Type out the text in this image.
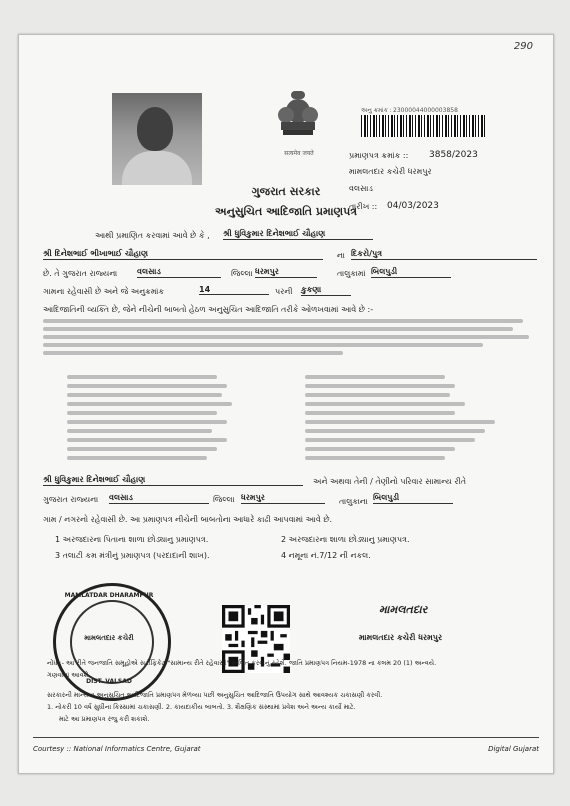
290
सत्यमेव जयते
અનુ ક્રમાંક : 23000044000003858
પ્રમાણપત્ર ક્રમાંક :: 3858/2023
મામલતદાર કચેરી ધરમપુર
વલસાડ
તારીખ :: 04/03/2023
ગુજરાત સરકાર
અનુસુચિત આદિજાતિ પ્રમાણપત્ર
આથી પ્રમાણિત કરવામાં આવે છે કે , શ્રી ધુવિકુમાર દિનેશભાઈ ચૌહાણ
શ્રી દિનેશભાઈ ભીખાભાઈ ચૌહાણ	ના દિકરો/પુત્ર
છે. તે ગુજરાત રાજ્યના વલસાડ	જિલ્લા ધરમપુર	તાલુકામાં બિલપુડી
ગામના રહેવાસી છે અને જે અનુક્રમાંક	14	પરની કુકણા
આદિજાતિની વ્યક્તિ છે, જેને નીચેની બાબતો હેઠળ અનુસુચિત આદિજાતિ તરીકે ઓળખવામાં આવે છે :-
શ્રી ધુવિકુમાર દિનેશભાઈ ચૌહાણ	અને અથવા તેની / તેણીનો પરિવાર સામાન્ય રીતે
ગુજરાત રાજ્યના વલસાડ	જિલ્લા ધરમપુર	તાલુકાના બિલપુડી
ગામ / નગરનો રહેવાસી છે. આ પ્રમાણપત્ર નીચેની બાબતોના આધારે કાઢી આપવામાં આવે છે.
1 અરજદારના પિતાના શાળા છોડ્યાનુ પ્રમાણપત્ર.	2 અરજદારના શાળા છોડ્યાનુ પ્રમાણપત્ર.
3 તલાટી કમ મંત્રીનું પ્રમાણપત્ર (પરદાદાની શાખ).	4 નમૂના નં.7/12 ની નકલ.
MAMLATDAR DHARAMPUR
મામલતદાર કચેરી
DIST. VALSAD
મામલતદાર
મામલતદાર કચેરી ધરમપુર
નોંધ :- આ રીતે જનજાતિ સમૂહોએ સર્ટીફિકેટ "સામાન્ય રીતે રહેવાસી" સાબિત કરવાનું રહેશે. જાતિ પ્રમાણપત્ર નિયમ-1978 ના કલમ 20 (1) અન્વયે.
ગણવામાં આવશે.
સરકારની માન્યતા અનુસુચિત આદિજાતિ પ્રમાણપત્ર મેળવ્યા પછી અનુસુચિત આદિજાતિ ઉપયોગ સાથે આવશ્યક ચકાસણી કરવી.
1. નોકરી 10 વર્ષ સુધીના કિસ્સામાં ચકાસણી. 2. કાયદાકીય બાબતો. 3. શૈક્ષણિક સંસ્થામાં પ્રવેશ અને અન્ય કાર્યો માટે.
માટે આ પ્રમાણપત્ર રજુ કરી શકાશે.
Courtesy :: National Informatics Centre, Gujarat	Digital Gujarat
